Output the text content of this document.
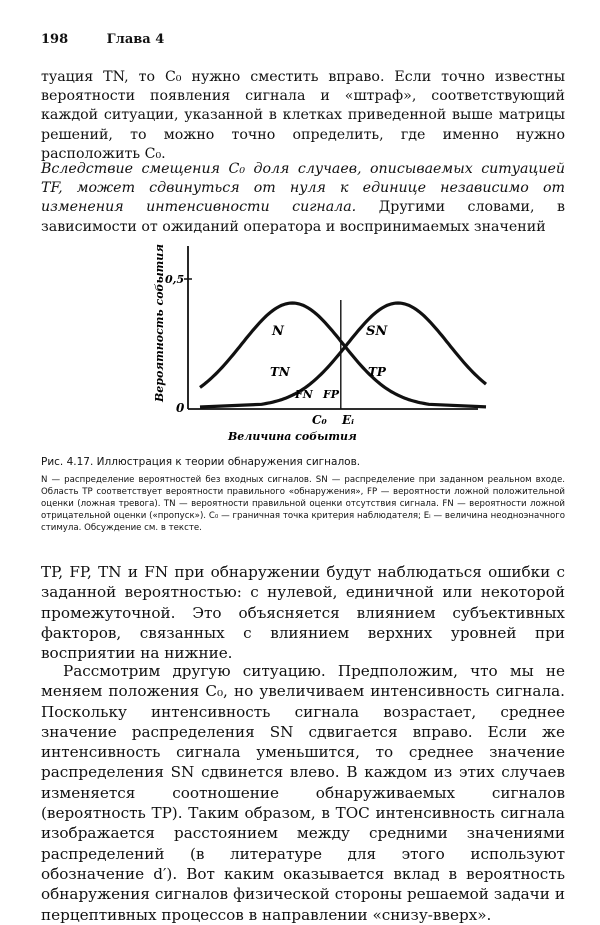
198	Глава 4
туация TN, то C₀ нужно сместить вправо. Если точно известны вероятности появления сигнала и «штраф», соответствующий каждой ситуации, указанной в клетках приведенной выше матрицы решений, то можно точно определить, где именно нужно расположить C₀.
Вследствие смещения C₀ доля случаев, описываемых ситуацией TF, может сдвинуться от нуля к единице независимо от изменения интенсивности сигнала. Другими словами, в зависимости от ожиданий оператора и воспринимаемых значений
Вероятность события
Величина события
0,5
0
N	SN
TN	TP
FN FP
C₀ Eᵢ
Рис. 4.17. Иллюстрация к теории обнаружения сигналов.
N — распределение вероятностей без входных сигналов. SN — распределение при заданном реальном входе. Область TP соответствует вероятности правильного «обнаружения», FP — вероятности ложной положительной оценки (ложная тревога). TN — вероятности правильной оценки отсутствия сигнала. FN — вероятности ложной отрицательной оценки («пропуск»). C₀ — граничная точка критерия наблюдателя; Eᵢ — величина неодноэначного стимула. Обсуждение см. в тексте.
TP, FP, TN и FN при обнаружении будут наблюдаться ошибки с заданной вероятностью: с нулевой, единичной или некоторой промежуточной. Это объясняется влиянием субъективных факторов, связанных с влиянием верхних уровней при восприятии на нижние.
Рассмотрим другую ситуацию. Предположим, что мы не меняем положения C₀, но увеличиваем интенсивность сигнала. Поскольку интенсивность сигнала возрастает, среднее значение распределения SN сдвигается вправо. Если же интенсивность сигнала уменьшится, то среднее значение распределения SN сдвинется влево. В каждом из этих случаев изменяется соотношение обнаруживаемых сигналов (вероятность TP). Таким образом, в ТОС интенсивность сигнала изображается расстоянием между средними значениями распределений (в литературе для этого используют обозначение d′). Вот каким оказывается вклад в вероятность обнаружения сигналов физической стороны решаемой задачи и перцептивных процессов в направлении «снизу-вверх».
